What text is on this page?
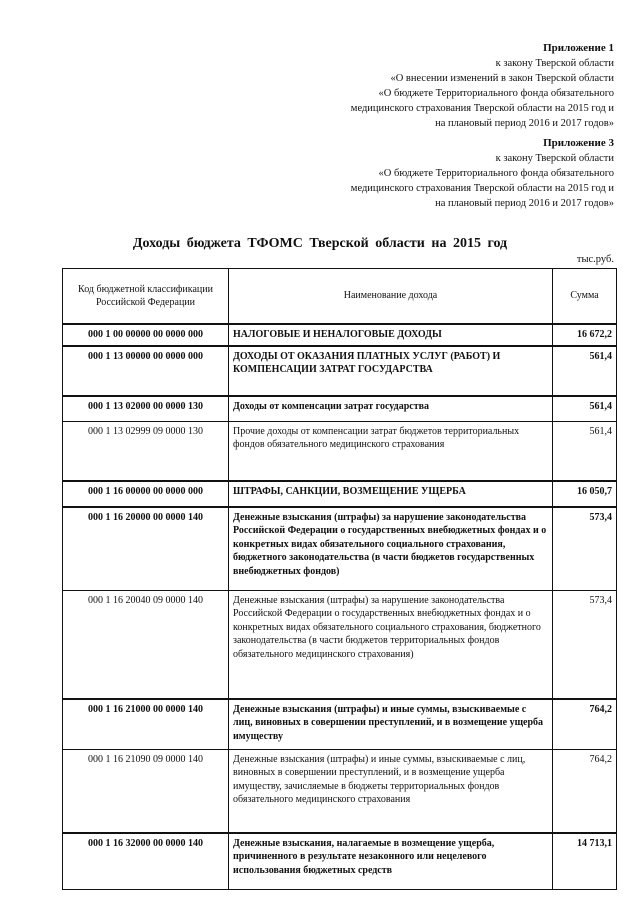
Приложение 1
к закону Тверской области
«О внесении изменений в закон Тверской области
«О бюджете Территориального фонда обязательного
медицинского страхования Тверской области на 2015 год и
на плановый период 2016 и 2017 годов»
Приложение 3
к закону Тверской области
«О бюджете Территориального фонда обязательного
медицинского страхования Тверской области на 2015 год и
на плановый период 2016 и 2017 годов»
Доходы бюджета ТФОМС Тверской области на 2015 год
тыс.руб.
Код бюджетной классификации Российской Федерации	Наименование дохода	Сумма
000 1 00 00000 00 0000 000	НАЛОГОВЫЕ И НЕНАЛОГОВЫЕ ДОХОДЫ	16 672,2
000 1 13 00000 00 0000 000	ДОХОДЫ ОТ ОКАЗАНИЯ ПЛАТНЫХ УСЛУГ (РАБОТ) И КОМПЕНСАЦИИ ЗАТРАТ ГОСУДАРСТВА	561,4
000 1 13 02000 00 0000 130	Доходы от компенсации затрат государства	561,4
000 1 13 02999 09 0000 130	Прочие доходы от компенсации затрат бюджетов территориальных фондов обязательного медицинского страхования	561,4
000 1 16 00000 00 0000 000	ШТРАФЫ, САНКЦИИ, ВОЗМЕЩЕНИЕ УЩЕРБА	16 050,7
000 1 16 20000 00 0000 140	Денежные взыскания (штрафы) за нарушение законодательства Российской Федерации о государственных внебюджетных фондах и о конкретных видах обязательного социального страхования, бюджетного законодательства (в части бюджетов государственных внебюджетных фондов)	573,4
000 1 16 20040 09 0000 140	Денежные взыскания (штрафы) за нарушение законодательства Российской Федерации о государственных внебюджетных фондах и о конкретных видах обязательного социального страхования, бюджетного законодательства (в части бюджетов территориальных фондов обязательного медицинского страхования)	573,4
000 1 16 21000 00 0000 140	Денежные взыскания (штрафы) и иные суммы, взыскиваемые с лиц, виновных в совершении преступлений, и в возмещение ущерба имуществу	764,2
000 1 16 21090 09 0000 140	Денежные взыскания (штрафы) и иные суммы, взыскиваемые с лиц, виновных в совершении преступлений, и в возмещение ущерба имуществу, зачисляемые в бюджеты территориальных фондов обязательного медицинского страхования	764,2
000 1 16 32000 00 0000 140	Денежные взыскания, налагаемые в возмещение ущерба, причиненного в результате незаконного или нецелевого использования бюджетных средств	14 713,1
